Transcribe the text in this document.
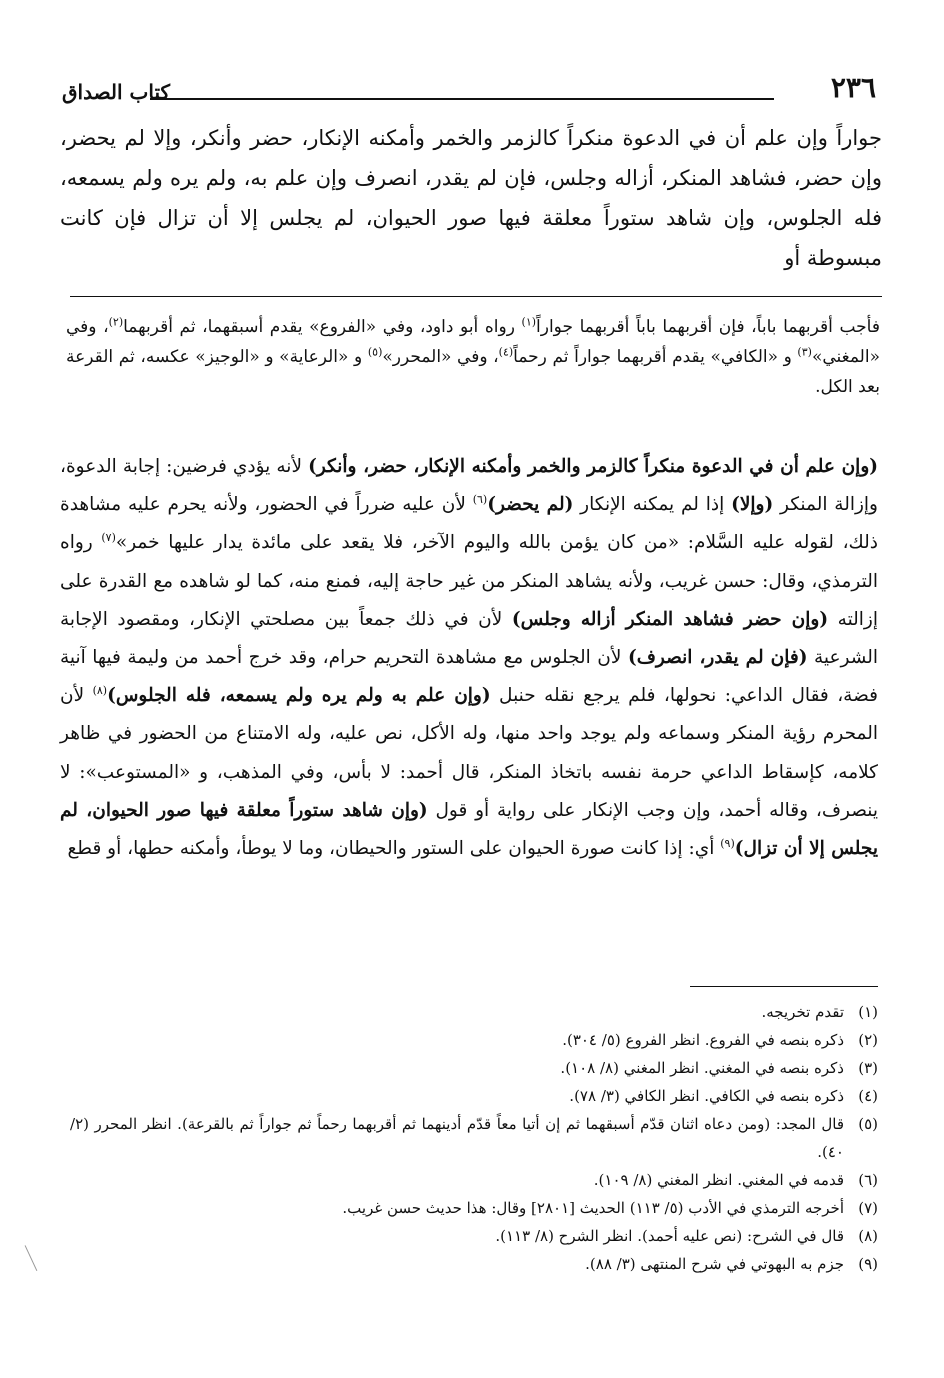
٢٣٦
كتاب الصداق
جواراً وإن علم أن في الدعوة منكراً كالزمر والخمر وأمكنه الإنكار، حضر وأنكر، وإلا لم يحضر، وإن حضر، فشاهد المنكر، أزاله وجلس، فإن لم يقدر، انصرف وإن علم به، ولم يره ولم يسمعه، فله الجلوس، وإن شاهد ستوراً معلقة فيها صور الحيوان، لم يجلس إلا أن تزال فإن كانت مبسوطة أو
فأجب أقربهما باباً، فإن أقربهما باباً أقربهما جواراً$^{(١)}$ رواه أبو داود، وفي «الفروع» يقدم أسبقهما، ثم أقربهما$^{(٢)}$، وفي «المغني»$^{(٣)}$ و «الكافي» يقدم أقربهما جواراً ثم رحماً$^{(٤)}$، وفي «المحرر»$^{(٥)}$ و «الرعاية» و «الوجيز» عكسه، ثم القرعة بعد الكل.
(وإن علم أن في الدعوة منكراً كالزمر والخمر وأمكنه الإنكار، حضر، وأنكر) لأنه يؤدي فرضين: إجابة الدعوة، وإزالة المنكر (وإلا) إذا لم يمكنه الإنكار (لم يحضر)$^{(٦)}$ لأن عليه ضرراً في الحضور، ولأنه يحرم عليه مشاهدة ذلك، لقوله عليه السَّلام: «من كان يؤمن بالله واليوم الآخر، فلا يقعد على مائدة يدار عليها خمر»$^{(٧)}$ رواه الترمذي، وقال: حسن غريب، ولأنه يشاهد المنكر من غير حاجة إليه، فمنع منه، كما لو شاهده مع القدرة على إزالته (وإن حضر فشاهد المنكر أزاله وجلس) لأن في ذلك جمعاً بين مصلحتي الإنكار، ومقصود الإجابة الشرعية (فإن لم يقدر، انصرف) لأن الجلوس مع مشاهدة التحريم حرام، وقد خرج أحمد من وليمة فيها آنية فضة، فقال الداعي: نحولها، فلم يرجع نقله حنبل (وإن علم به ولم يره ولم يسمعه، فله الجلوس)$^{(٨)}$ لأن المحرم رؤية المنكر وسماعه ولم يوجد واحد منها، وله الأكل، نص عليه، وله الامتناع من الحضور في ظاهر كلامه، كإسقاط الداعي حرمة نفسه باتخاذ المنكر، قال أحمد: لا بأس، وفي المذهب، و «المستوعب»: لا ينصرف، وقاله أحمد، وإن وجب الإنكار على رواية أو قول (وإن شاهد ستوراً معلقة فيها صور الحيوان، لم يجلس إلا أن تزال)$^{(٩)}$ أي: إذا كانت صورة الحيوان على الستور والحيطان، وما لا يوطأ، وأمكنه حطها، أو قطع
(١)
تقدم تخريجه.
(٢)
ذكره بنصه في الفروع. انظر الفروع (٥/ ٣٠٤).
(٣)
ذكره بنصه في المغني. انظر المغني (٨/ ١٠٨).
(٤)
ذكره بنصه في الكافي. انظر الكافي (٣/ ٧٨).
(٥)
قال المجد: (ومن دعاه اثنان قدّم أسبقهما ثم إن أتيا معاً قدّم أدينهما ثم أقربهما رحماً ثم جواراً ثم بالقرعة). انظر المحرر (٢/ ٤٠).
(٦)
قدمه في المغني. انظر المغني (٨/ ١٠٩).
(٧)
أخرجه الترمذي في الأدب (٥/ ١١٣) الحديث [٢٨٠١] وقال: هذا حديث حسن غريب.
(٨)
قال في الشرح: (نص عليه أحمد). انظر الشرح (٨/ ١١٣).
(٩)
جزم به البهوتي في شرح المنتهى (٣/ ٨٨).
